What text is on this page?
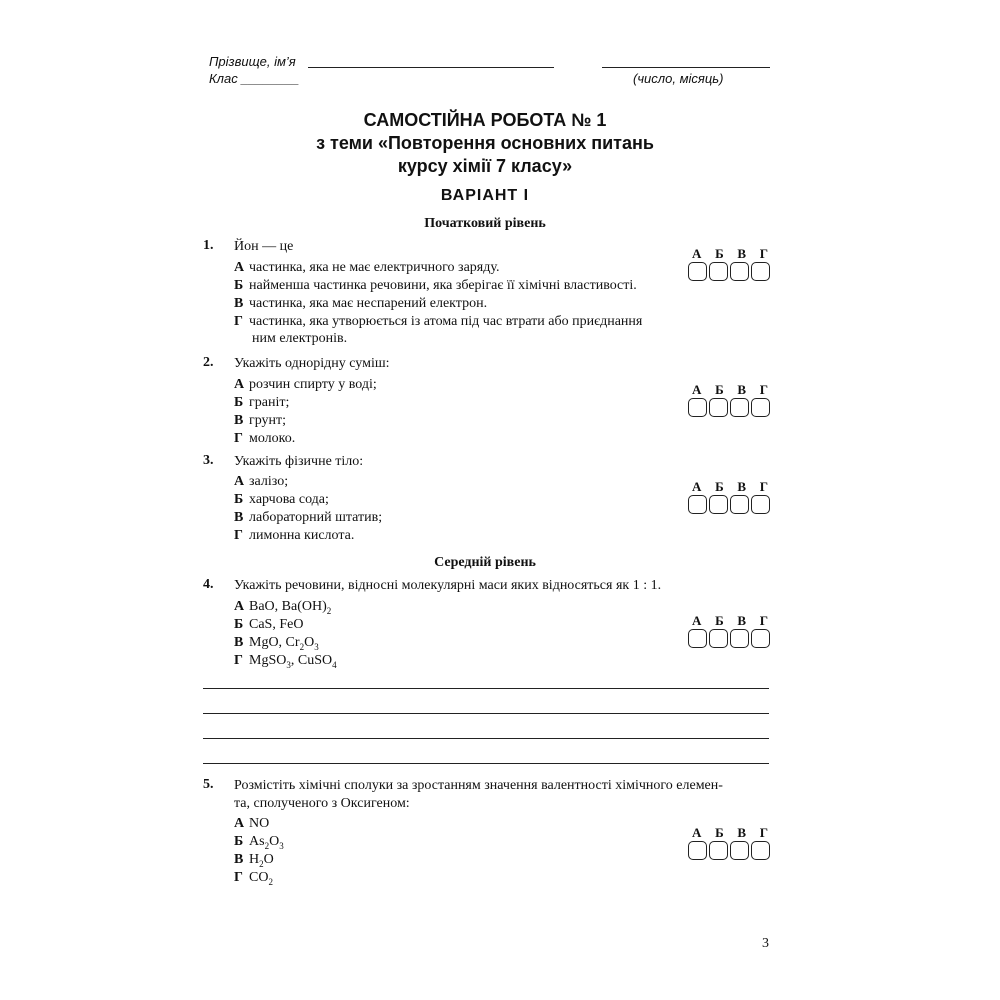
Прізвище, ім’я
Клас ________	(число, місяць)
САМОСТІЙНА РОБОТА № 1
з теми «Повторення основних питань
курсу хімії 7 класу»
ВАРІАНТ І
Початковий рівень
1. Йон — це
А частинка, яка не має електричного заряду.
Б найменша частинка речовини, яка зберігає її хімічні властивості.
В частинка, яка має неспарений електрон.
Г частинка, яка утворюється із атома під час втрати або приєднання
ним електронів.
А Б В Г
2. Укажіть однорідну суміш:
А розчин спирту у воді;
Б граніт;
В грунт;
Г молоко.
А Б В Г
3. Укажіть фізичне тіло:
А залізо;
Б харчова сода;
В лабораторний штатив;
Г лимонна кислота.
А Б В Г
Середній рівень
4. Укажіть речовини, відносні молекулярні маси яких відносяться як 1 : 1.
А BaO, $Ba(OH)_2$
Б CaS, FeO
В MgO, $Cr_2O_3$
Г MgSO$_3$, CuSO$_4$
А Б В Г
5. Розмістіть хімічні сполуки за зростанням значення валентності хімічного елемен-
та, сполученого з Оксигеном:
А NO
Б $As_2O_3$
В $H_2O$
Г $CO_2$
А Б В Г
3
